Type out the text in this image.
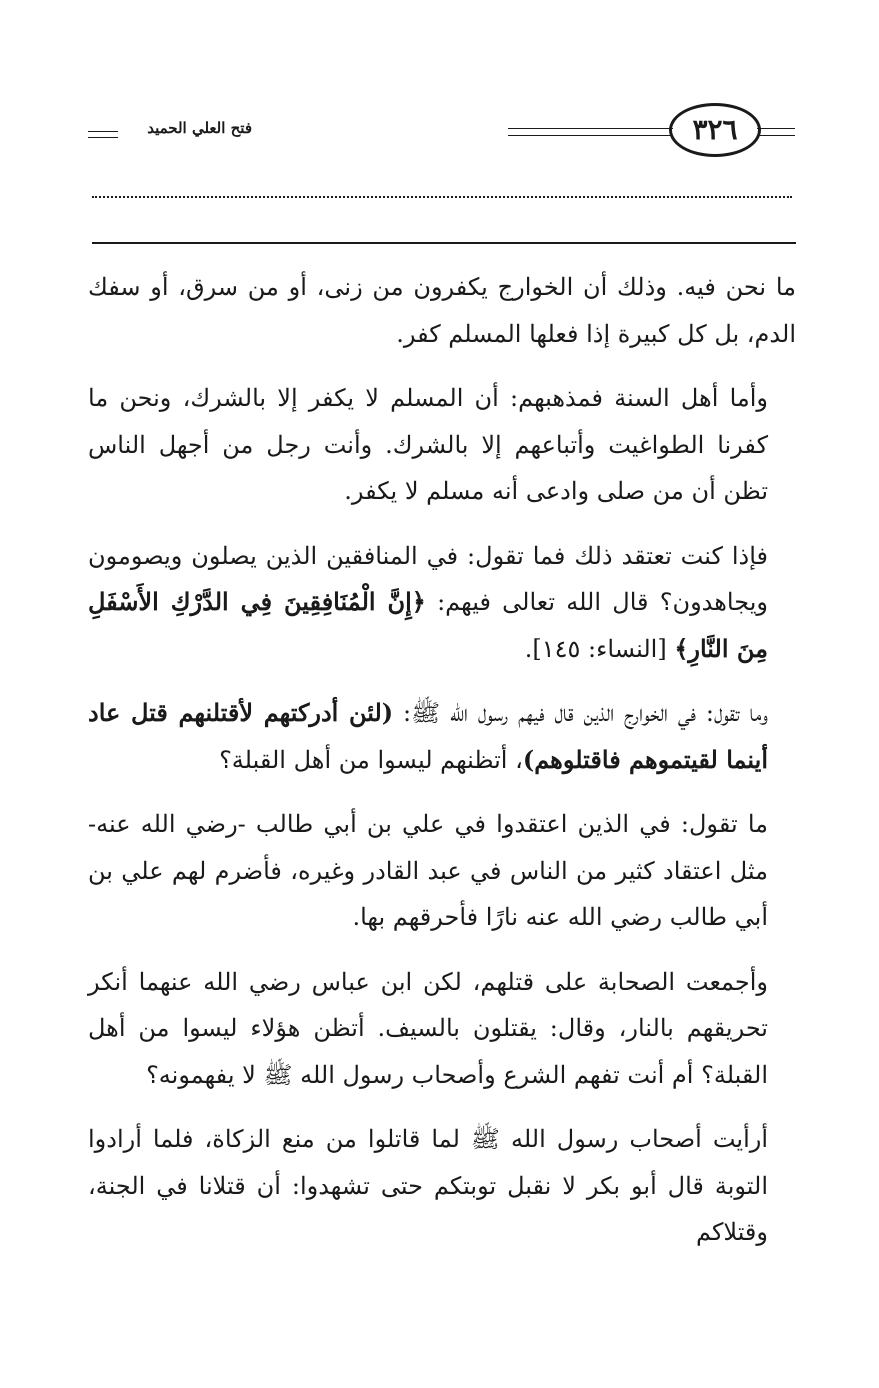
فتح العلي الحميد	٣٢٦

ما نحن فيه. وذلك أن الخوارج يكفرون من زنى، أو من سرق، أو سفك الدم، بل كل كبيرة إذا فعلها المسلم كفر.

وأما أهل السنة فمذهبهم: أن المسلم لا يكفر إلا بالشرك، ونحن ما كفرنا الطواغيت وأتباعهم إلا بالشرك. وأنت رجل من أجهل الناس تظن أن من صلى وادعى أنه مسلم لا يكفر.

فإذا كنت تعتقد ذلك فما تقول: في المنافقين الذين يصلون ويصومون ويجاهدون؟ قال الله تعالى فيهم: ﴿إِنَّ الْمُنَافِقِينَ فِي الدَّرْكِ الأَسْفَلِ مِنَ النَّارِ﴾ [النساء: ١٤٥].

وما تقول: في الخوارج الذين قال فيهم رسول الله ﷺ: (لئن أدركتهم لأقتلنهم قتل عاد أينما لقيتموهم فاقتلوهم)، أتظنهم ليسوا من أهل القبلة؟

ما تقول: في الذين اعتقدوا في علي بن أبي طالب -رضي الله عنه- مثل اعتقاد كثير من الناس في عبد القادر وغيره، فأضرم لهم علي بن أبي طالب رضي الله عنه نارًا فأحرقهم بها.

وأجمعت الصحابة على قتلهم، لكن ابن عباس رضي الله عنهما أنكر تحريقهم بالنار، وقال: يقتلون بالسيف. أتظن هؤلاء ليسوا من أهل القبلة؟ أم أنت تفهم الشرع وأصحاب رسول الله ﷺ لا يفهمونه؟

أرأيت أصحاب رسول الله ﷺ لما قاتلوا من منع الزكاة، فلما أرادوا التوبة قال أبو بكر لا نقبل توبتكم حتى تشهدوا: أن قتلانا في الجنة، وقتلاكم
